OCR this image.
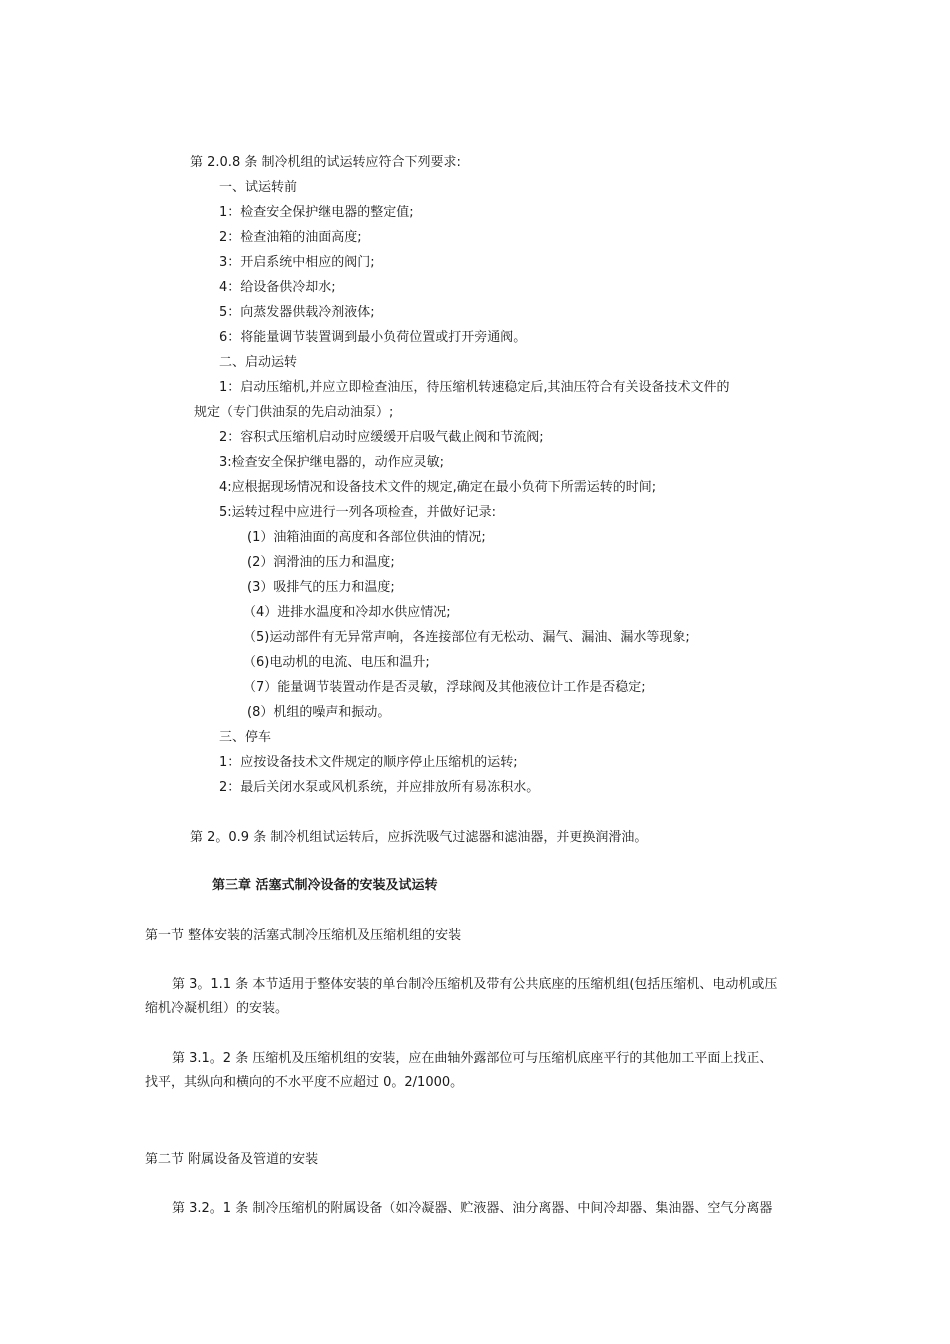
第 2.0.8 条 制冷机组的试运转应符合下列要求:
一、试运转前
1：检查安全保护继电器的整定值;
2：检查油箱的油面高度;
3：开启系统中相应的阀门;
4：给设备供冷却水;
5：向蒸发器供载冷剂液体;
6：将能量调节装置调到最小负荷位置或打开旁通阀。
二、启动运转
1：启动压缩机,并应立即检查油压，待压缩机转速稳定后,其油压符合有关设备技术文件的
规定（专门供油泵的先启动油泵）;
2：容积式压缩机启动时应缓缓开启吸气截止阀和节流阀;
3:检查安全保护继电器的，动作应灵敏;
4:应根据现场情况和设备技术文件的规定,确定在最小负荷下所需运转的时间;
5:运转过程中应进行一列各项检查，并做好记录:
(1）油箱油面的高度和各部位供油的情况;
(2）润滑油的压力和温度;
(3）吸排气的压力和温度;
（4）进排水温度和冷却水供应情况;
（5)运动部件有无异常声响，各连接部位有无松动、漏气、漏油、漏水等现象;
（6)电动机的电流、电压和温升;
（7）能量调节装置动作是否灵敏，浮球阀及其他液位计工作是否稳定;
(8）机组的噪声和振动。
三、停车
1：应按设备技术文件规定的顺序停止压缩机的运转;
2：最后关闭水泵或风机系统，并应排放所有易冻积水。
第 2。0.9 条 制冷机组试运转后，应拆洗吸气过滤器和滤油器，并更换润滑油。
第三章 活塞式制冷设备的安装及试运转
第一节 整体安装的活塞式制冷压缩机及压缩机组的安装
第 3。1.1 条 本节适用于整体安装的单台制冷压缩机及带有公共底座的压缩机组(包括压缩机、电动机或压
缩机冷凝机组）的安装。
第 3.1。2 条 压缩机及压缩机组的安装，应在曲轴外露部位可与压缩机底座平行的其他加工平面上找正、
找平，其纵向和横向的不水平度不应超过 0。2/1000。
第二节 附属设备及管道的安装
第 3.2。1 条 制冷压缩机的附属设备（如冷凝器、贮液器、油分离器、中间冷却器、集油器、空气分离器
